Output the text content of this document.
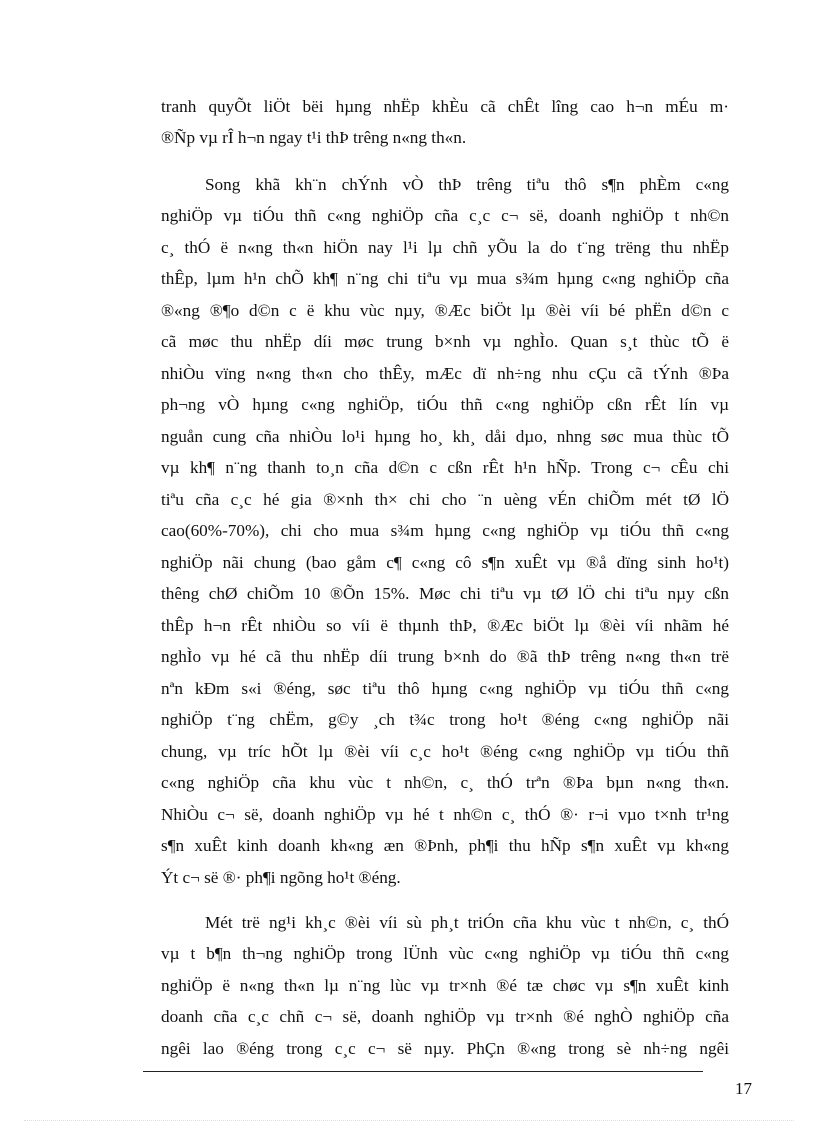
tranh quyÕt liÖt bëi hµng nhËp khÈu cã chÊt lîng cao h¬n mÉu m·
®Ñp vµ rÎ h¬n ngay t¹i thÞ trêng n«ng th«n.
Song khã kh¨n chÝnh vÒ thÞ trêng tiªu thô s¶n phÈm c«ng
nghiÖp vµ tiÓu thñ c«ng nghiÖp cña c¸c c¬ së, doanh nghiÖp t nh©n
c¸ thÓ ë n«ng th«n hiÖn nay l¹i lµ chñ yÕu la do t¨ng trëng thu nhËp
thÊp, lµm h¹n chÕ kh¶ n¨ng chi tiªu vµ mua s¾m hµng c«ng nghiÖp cña
®«ng ®¶o d©n c ë khu vùc nµy, ®Æc biÖt lµ ®èi víi bé phËn d©n c
cã møc thu nhËp díi møc trung b×nh vµ nghÌo. Quan s¸t thùc tÕ ë
nhiÒu vïng n«ng th«n cho thÊy, mÆc dï nh÷ng nhu cÇu cã tÝnh ®Þa
ph¬ng vÒ hµng c«ng nghiÖp, tiÓu thñ c«ng nghiÖp cßn rÊt lín vµ
nguån cung cña nhiÒu lo¹i hµng ho¸ kh¸ dåi dµo, nhng søc mua thùc tÕ
vµ kh¶ n¨ng thanh to¸n cña d©n c cßn rÊt h¹n hÑp. Trong c¬ cÊu chi
tiªu cña c¸c hé gia ®×nh th× chi cho ¨n uèng vÉn chiÕm mét tØ lÖ
cao(60%-70%), chi cho mua s¾m hµng c«ng nghiÖp vµ tiÓu thñ c«ng
nghiÖp nãi chung (bao gåm c¶ c«ng cô s¶n xuÊt vµ ®å dïng sinh ho¹t)
thêng chØ chiÕm 10 ®Õn 15%. Møc chi tiªu vµ tØ lÖ chi tiªu nµy cßn
thÊp h¬n rÊt nhiÒu so víi ë thµnh thÞ, ®Æc biÖt lµ ®èi víi nhãm hé
nghÌo vµ hé cã thu nhËp díi trung b×nh do ®ã thÞ trêng n«ng th«n trë
nªn kÐm s«i ®éng, søc tiªu thô hµng c«ng nghiÖp vµ tiÓu thñ c«ng
nghiÖp t¨ng chËm, g©y ¸ch t¾c trong ho¹t ®éng c«ng nghiÖp nãi
chung, vµ tríc hÕt lµ ®èi víi c¸c ho¹t ®éng c«ng nghiÖp vµ tiÓu thñ
c«ng nghiÖp cña khu vùc t nh©n, c¸ thÓ trªn ®Þa bµn n«ng th«n.
NhiÒu c¬ së, doanh nghiÖp vµ hé t nh©n c¸ thÓ ®· r¬i vµo t×nh tr¹ng
s¶n xuÊt kinh doanh kh«ng æn ®Þnh, ph¶i thu hÑp s¶n xuÊt vµ kh«ng
Ýt c¬ së ®· ph¶i ngõng ho¹t ®éng.
Mét trë ng¹i kh¸c ®èi víi sù ph¸t triÓn cña khu vùc t nh©n, c¸ thÓ
vµ t b¶n th¬ng nghiÖp trong lÜnh vùc c«ng nghiÖp vµ tiÓu thñ c«ng
nghiÖp ë n«ng th«n lµ n¨ng lùc vµ tr×nh ®é tæ chøc vµ s¶n xuÊt kinh
doanh cña c¸c chñ c¬ së, doanh nghiÖp vµ tr×nh ®é nghÒ nghiÖp cña
ngêi lao ®éng trong c¸c c¬ së nµy. PhÇn ®«ng trong sè nh÷ng ngêi
17
